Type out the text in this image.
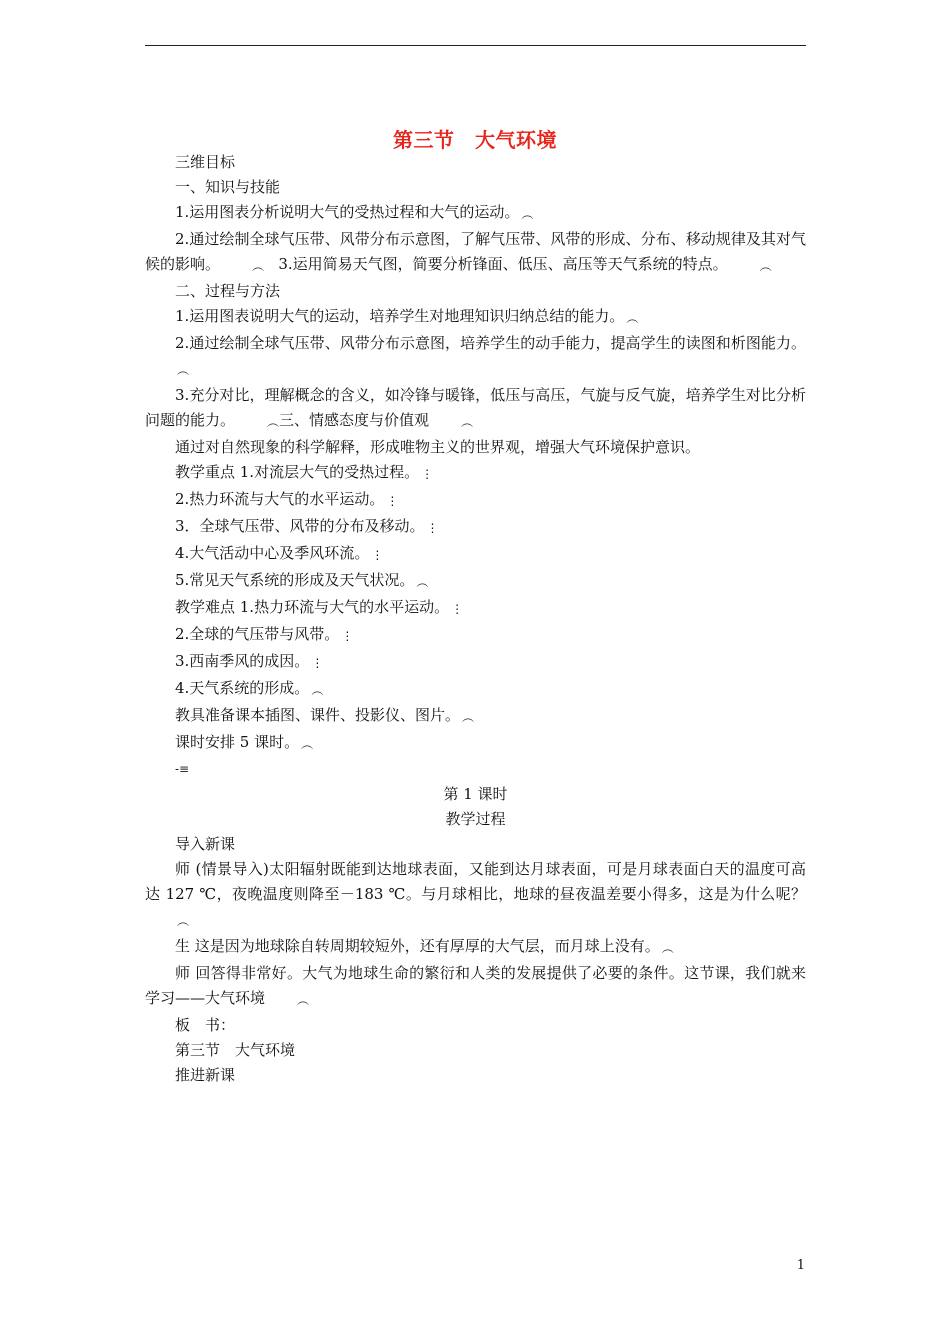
第三节　大气环境
三维目标
一、知识与技能
1.运用图表分析说明大气的受热过程和大气的运动。 ︵
2.通过绘制全球气压带、风带分布示意图，了解气压带、风带的形成、分布、移动规律及其对气候的影响。	︵ 3.运用简易天气图，简要分析锋面、低压、高压等天气系统的特点。	︵
二、过程与方法
1.运用图表说明大气的运动，培养学生对地理知识归纳总结的能力。 ︵
2.通过绘制全球气压带、风带分布示意图，培养学生的动手能力，提高学生的读图和析图能力。︵
3.充分对比，理解概念的含义，如冷锋与暖锋，低压与高压，气旋与反气旋，培养学生对比分析问题的能力。	︵三、情感态度与价值观	︵
通过对自然现象的科学解释，形成唯物主义的世界观，增强大气环境保护意识。
教学重点 1.对流层大气的受热过程。 ⋮
2.热力环流与大气的水平运动。 ⋮
3．全球气压带、风带的分布及移动。 ⋮
4.大气活动中心及季风环流。 ⋮
5.常见天气系统的形成及天气状况。 ︵
教学难点 1.热力环流与大气的水平运动。 ⋮
2.全球的气压带与风带。 ⋮
3.西南季风的成因。 ⋮
4.天气系统的形成。 ︵
教具准备课本插图、课件、投影仪、图片。 ︵
课时安排 5 课时。 ︵
-≡
第 1 课时
教学过程
导入新课
师 (情景导入)太阳辐射既能到达地球表面，又能到达月球表面，可是月球表面白天的温度可高达 127 ℃，夜晚温度则降至－183 ℃。与月球相比，地球的昼夜温差要小得多，这是为什么呢？︵
生 这是因为地球除自转周期较短外，还有厚厚的大气层，而月球上没有。 ︵
师 回答得非常好。大气为地球生命的繁衍和人类的发展提供了必要的条件。这节课，我们就来学习——大气环境	︵
板　书：
第三节　大气环境
推进新课
1
